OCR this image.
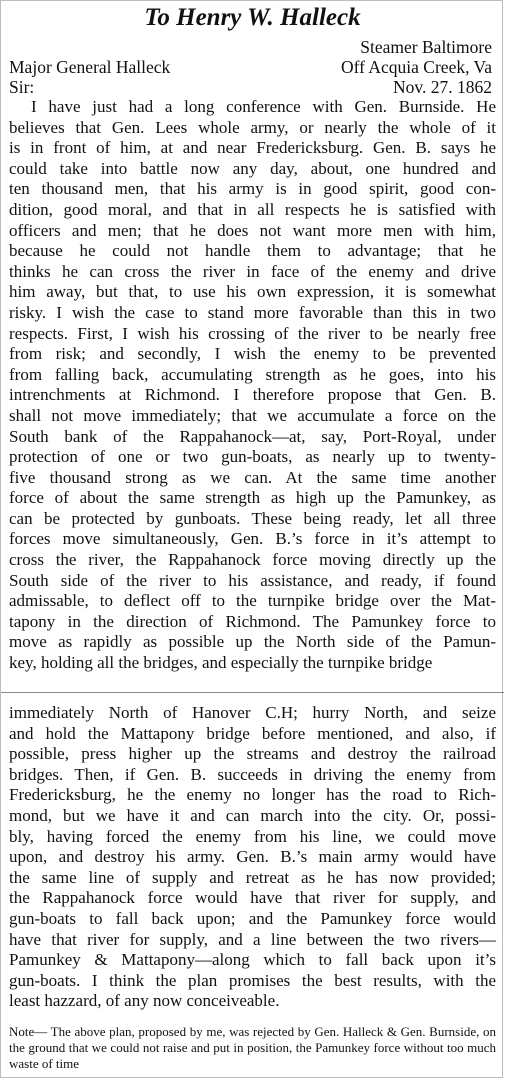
To Henry W. Halleck
Steamer Baltimore
Major General Halleck	Off Acquia Creek, Va
Sir:	Nov. 27. 1862
I have just had a long conference with Gen. Burnside. He
believes that Gen. Lees whole army, or nearly the whole of it
is in front of him, at and near Fredericksburg. Gen. B. says he
could take into battle now any day, about, one hundred and
ten thousand men, that his army is in good spirit, good con-
dition, good moral, and that in all respects he is satisfied with
officers and men; that he does not want more men with him,
because he could not handle them to advantage; that he
thinks he can cross the river in face of the enemy and drive
him away, but that, to use his own expression, it is somewhat
risky. I wish the case to stand more favorable than this in two
respects. First, I wish his crossing of the river to be nearly free
from risk; and secondly, I wish the enemy to be prevented
from falling back, accumulating strength as he goes, into his
intrenchments at Richmond. I therefore propose that Gen. B.
shall not move immediately; that we accumulate a force on the
South bank of the Rappahanock—at, say, Port-Royal, under
protection of one or two gun-boats, as nearly up to twenty-
five thousand strong as we can. At the same time another
force of about the same strength as high up the Pamunkey, as
can be protected by gunboats. These being ready, let all three
forces move simultaneously, Gen. B.’s force in it’s attempt to
cross the river, the Rappahanock force moving directly up the
South side of the river to his assistance, and ready, if found
admissable, to deflect off to the turnpike bridge over the Mat-
tapony in the direction of Richmond. The Pamunkey force to
move as rapidly as possible up the North side of the Pamun-
key, holding all the bridges, and especially the turnpike bridge
immediately North of Hanover C.H; hurry North, and seize
and hold the Mattapony bridge before mentioned, and also, if
possible, press higher up the streams and destroy the railroad
bridges. Then, if Gen. B. succeeds in driving the enemy from
Fredericksburg, he the enemy no longer has the road to Rich-
mond, but we have it and can march into the city. Or, possi-
bly, having forced the enemy from his line, we could move
upon, and destroy his army. Gen. B.’s main army would have
the same line of supply and retreat as he has now provided;
the Rappahanock force would have that river for supply, and
gun-boats to fall back upon; and the Pamunkey force would
have that river for supply, and a line between the two rivers—
Pamunkey & Mattapony—along which to fall back upon it’s
gun-boats. I think the plan promises the best results, with the
least hazzard, of any now conceiveable.

Note— The above plan, proposed by me, was rejected by Gen. Halleck & Gen. Burnside, on the ground that we could not raise and put in position, the Pamunkey force without too much waste of time
